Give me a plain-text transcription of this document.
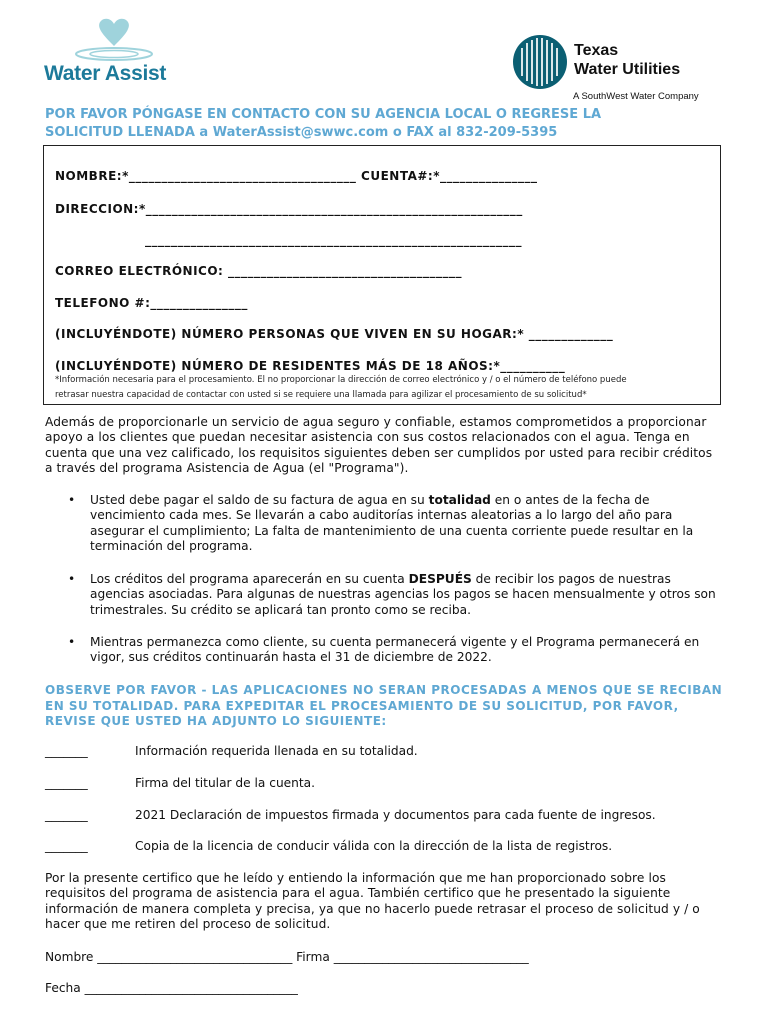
Water Assist
Texas
Water Utilities
A SouthWest Water Company
POR FAVOR PÓNGASE EN CONTACTO CON SU AGENCIA LOCAL O REGRESE LA
SOLICITUD LLENADA a WaterAssist@swwc.com o FAX al 832-209-5395
NOMBRE:*___________________________________ CUENTA#:*_______________
DIRECCION:*__________________________________________________________
__________________________________________________________
CORREO ELECTRÓNICO: ____________________________________
TELEFONO #:_______________
(INCLUYÉNDOTE) NÚMERO PERSONAS QUE VIVEN EN SU HOGAR:* _____________
(INCLUYÉNDOTE) NÚMERO DE RESIDENTES MÁS DE 18 AÑOS:*__________
*Información necesaria para el procesamiento. El no proporcionar la dirección de correo electrónico y / o el número de teléfono puede
retrasar nuestra capacidad de contactar con usted si se requiere una llamada para agilizar el procesamiento de su solicitud*
Además de proporcionarle un servicio de agua seguro y confiable, estamos comprometidos a proporcionar
apoyo a los clientes que puedan necesitar asistencia con sus costos relacionados con el agua. Tenga en
cuenta que una vez calificado, los requisitos siguientes deben ser cumplidos por usted para recibir créditos
a través del programa Asistencia de Agua (el "Programa").
• Usted debe pagar el saldo de su factura de agua en su totalidad en o antes de la fecha de vencimiento cada mes. Se llevarán a cabo auditorías internas aleatorias a lo largo del año para asegurar el cumplimiento; La falta de mantenimiento de una cuenta corriente puede resultar en la terminación del programa.
• Los créditos del programa aparecerán en su cuenta DESPUÉS de recibir los pagos de nuestras agencias asociadas. Para algunas de nuestras agencias los pagos se hacen mensualmente y otros son trimestrales. Su crédito se aplicará tan pronto como se reciba.
• Mientras permanezca como cliente, su cuenta permanecerá vigente y el Programa permanecerá en vigor, sus créditos continuarán hasta el 31 de diciembre de 2022.
OBSERVE POR FAVOR - LAS APLICACIONES NO SERAN PROCESADAS A MENOS QUE SE RECIBAN
EN SU TOTALIDAD. PARA EXPEDITAR EL PROCESAMIENTO DE SU SOLICITUD, POR FAVOR,
REVISE QUE USTED HA ADJUNTO LO SIGUIENTE:
_______	Información requerida llenada en su totalidad.
_______	Firma del titular de la cuenta.
_______	2021 Declaración de impuestos firmada y documentos para cada fuente de ingresos.
_______	Copia de la licencia de conducir válida con la dirección de la lista de registros.
Por la presente certifico que he leído y entiendo la información que me han proporcionado sobre los
requisitos del programa de asistencia para el agua. También certifico que he presentado la siguiente
información de manera completa y precisa, ya que no hacerlo puede retrasar el proceso de solicitud y / o
hacer que me retiren del proceso de solicitud.
Nombre ________________________________ Firma ________________________________
Fecha ___________________________________
